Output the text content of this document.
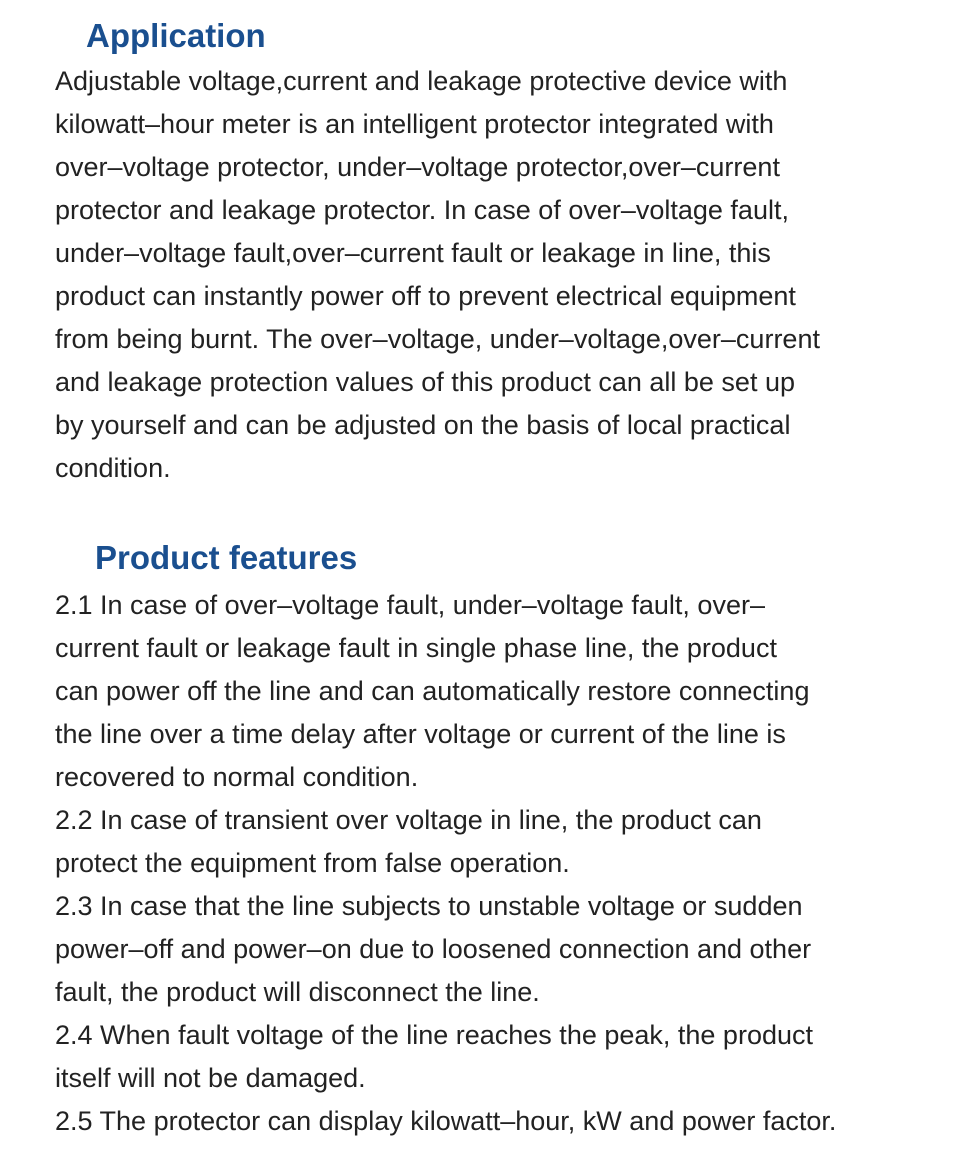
Application
Adjustable voltage,current and leakage protective device with
kilowatt–hour meter is an intelligent protector integrated with
over–voltage protector, under–voltage protector,over–current
protector and leakage protector. In case of over–voltage fault,
under–voltage fault,over–current fault or leakage in line, this
product can instantly power off to prevent electrical equipment
from being burnt. The over–voltage, under–voltage,over–current
and leakage protection values of this product can all be set up
by yourself and can be adjusted on the basis of local practical
condition.
Product features
2.1 In case of over–voltage fault, under–voltage fault, over–
current fault or leakage fault in single phase line, the product
can power off the line and can automatically restore connecting
the line over a time delay after voltage or current of the line is
recovered to normal condition.
2.2 In case of transient over voltage in line, the product can
protect the equipment from false operation.
2.3 In case that the line subjects to unstable voltage or sudden
power–off and power–on due to loosened connection and other
fault, the product will disconnect the line.
2.4 When fault voltage of the line reaches the peak, the product
itself will not be damaged.
2.5 The protector can display kilowatt–hour, kW and power factor.
